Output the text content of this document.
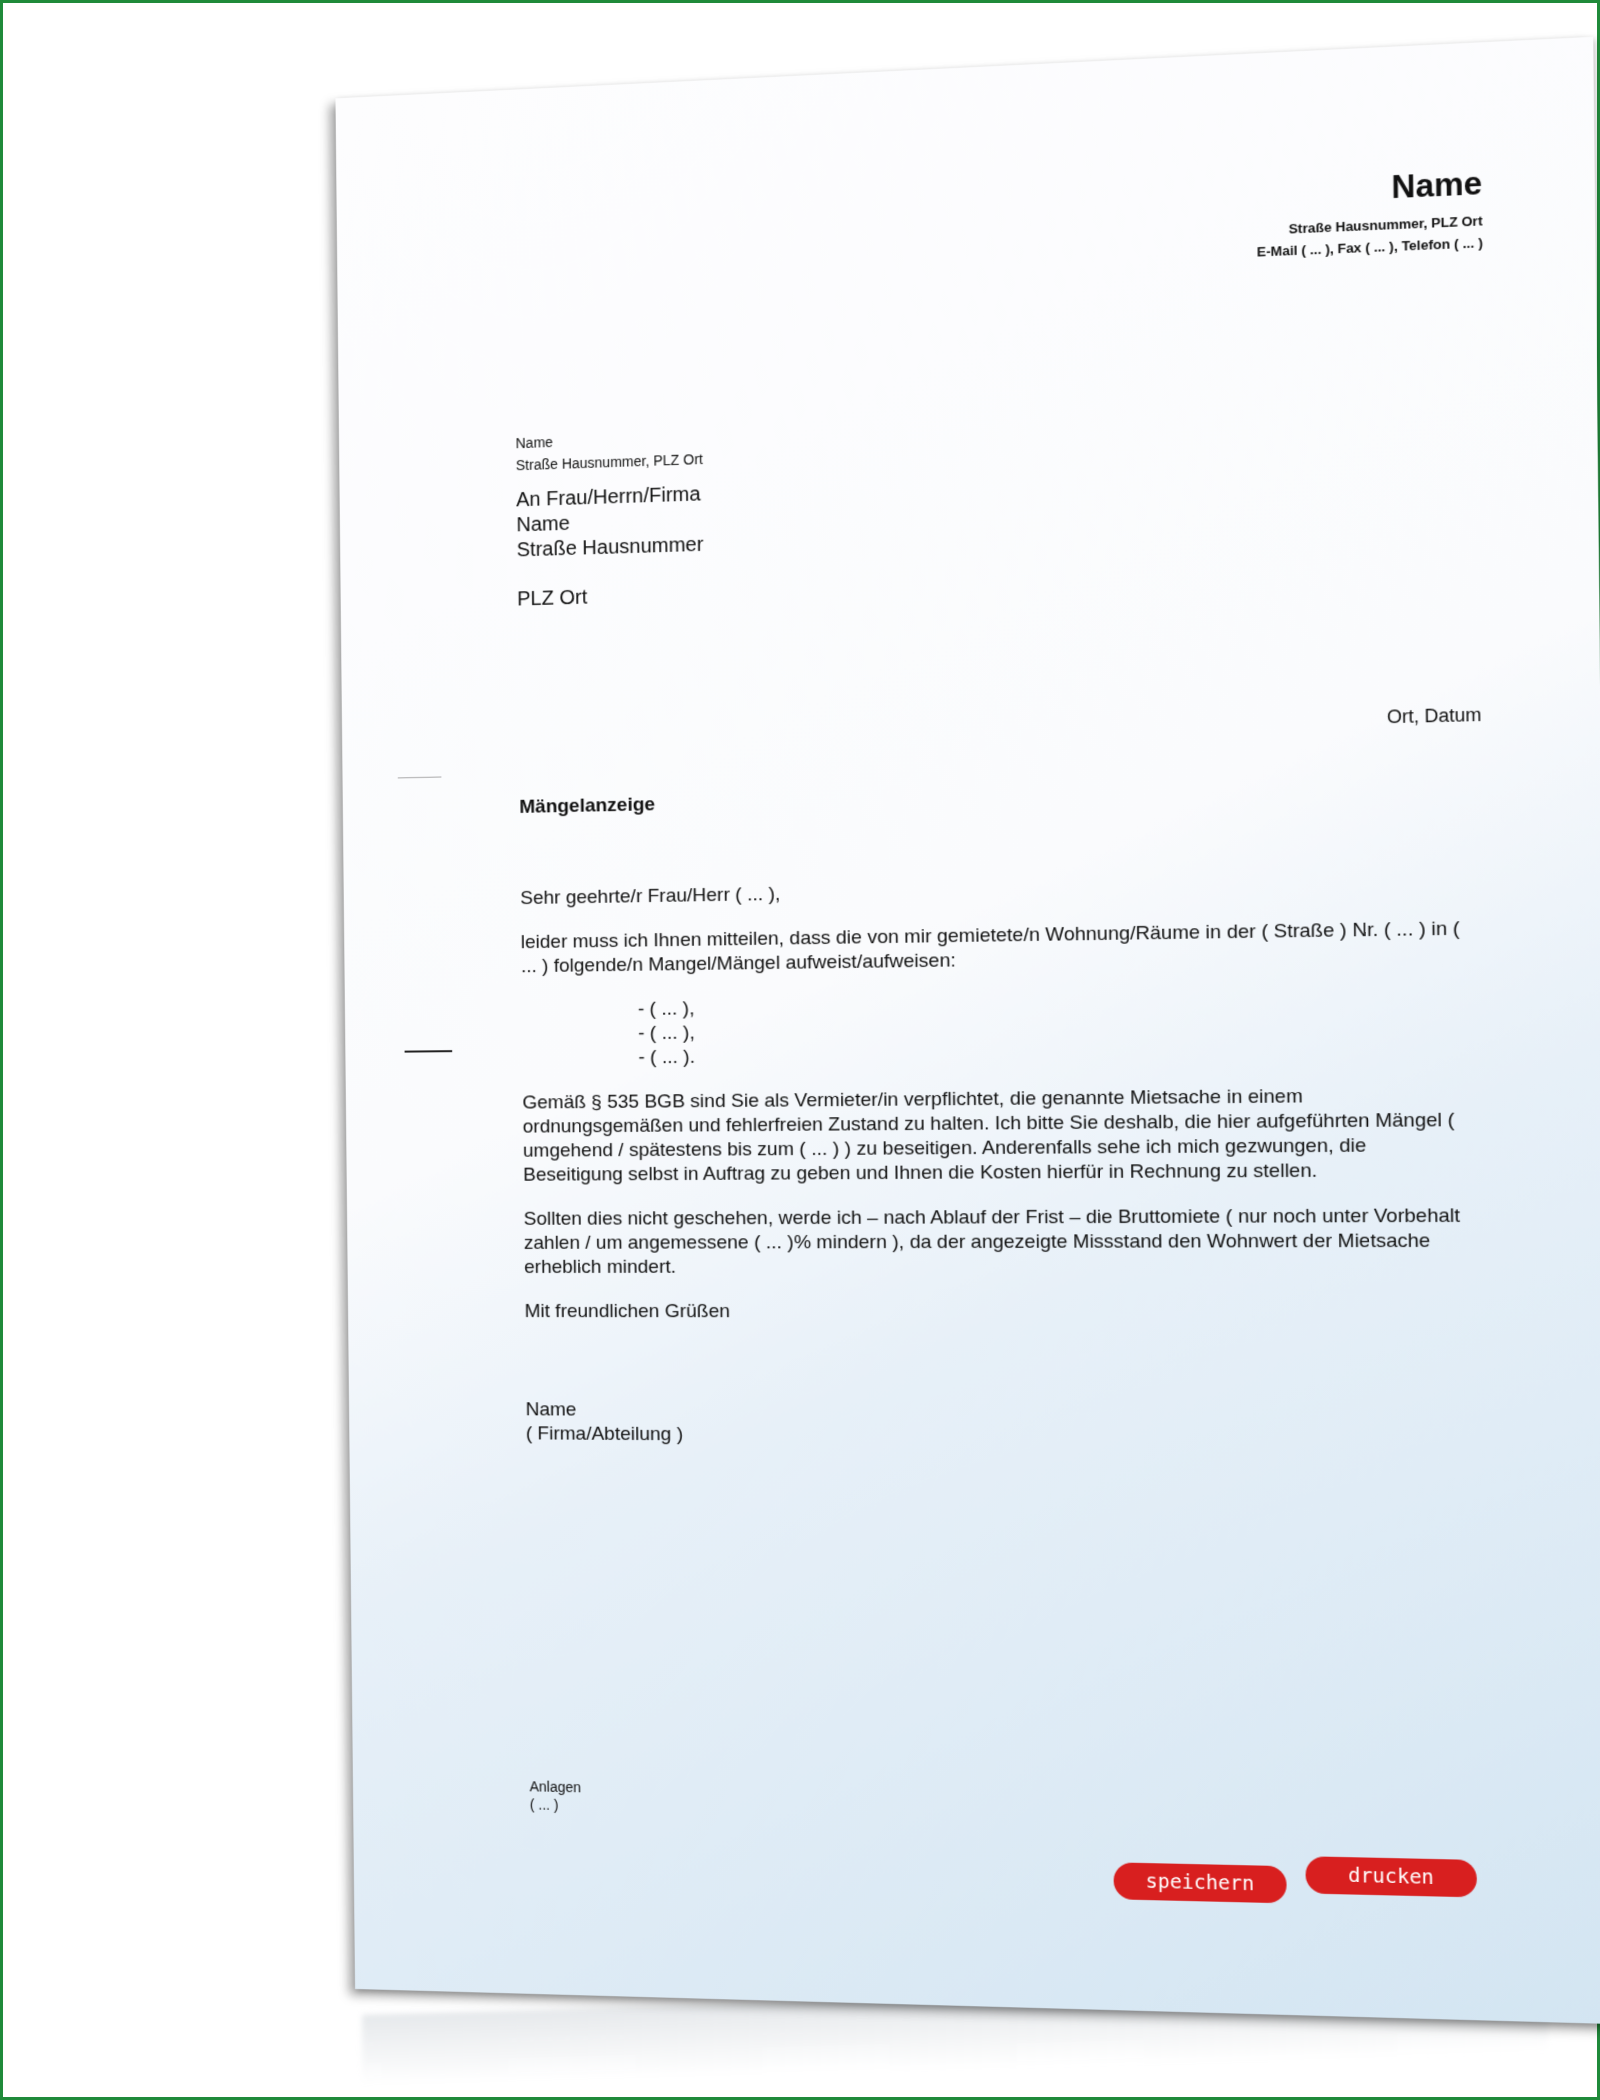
Name
Straße Hausnummer, PLZ Ort
E-Mail ( ... ), Fax ( ... ), Telefon ( ... )
Name
Straße Hausnummer, PLZ Ort
An Frau/Herrn/Firma
Name
Straße Hausnummer
PLZ Ort
Ort, Datum
Mängelanzeige

Sehr geehrte/r Frau/Herr ( ... ),

leider muss ich Ihnen mitteilen, dass die von mir gemietete/n Wohnung/Räume in der ( Straße ) Nr. ( ... ) in ( ... ) folgende/n Mangel/Mängel aufweist/aufweisen:

- ( ... ),
- ( ... ),
- ( ... ).

Gemäß § 535 BGB sind Sie als Vermieter/in verpflichtet, die genannte Mietsache in einem ordnungsgemäßen und fehlerfreien Zustand zu halten. Ich bitte Sie deshalb, die hier aufgeführten Mängel ( umgehend / spätestens bis zum ( ... ) ) zu beseitigen. Anderenfalls sehe ich mich gezwungen, die Beseitigung selbst in Auftrag zu geben und Ihnen die Kosten hierfür in Rechnung zu stellen.

Sollten dies nicht geschehen, werde ich – nach Ablauf der Frist – die Bruttomiete ( nur noch unter Vorbehalt zahlen / um angemessene ( ... )% mindern ), da der angezeigte Missstand den Wohnwert der Mietsache erheblich mindert.

Mit freundlichen Grüßen

Name
( Firma/Abteilung )
Anlagen
( ... )
speichern	drucken
